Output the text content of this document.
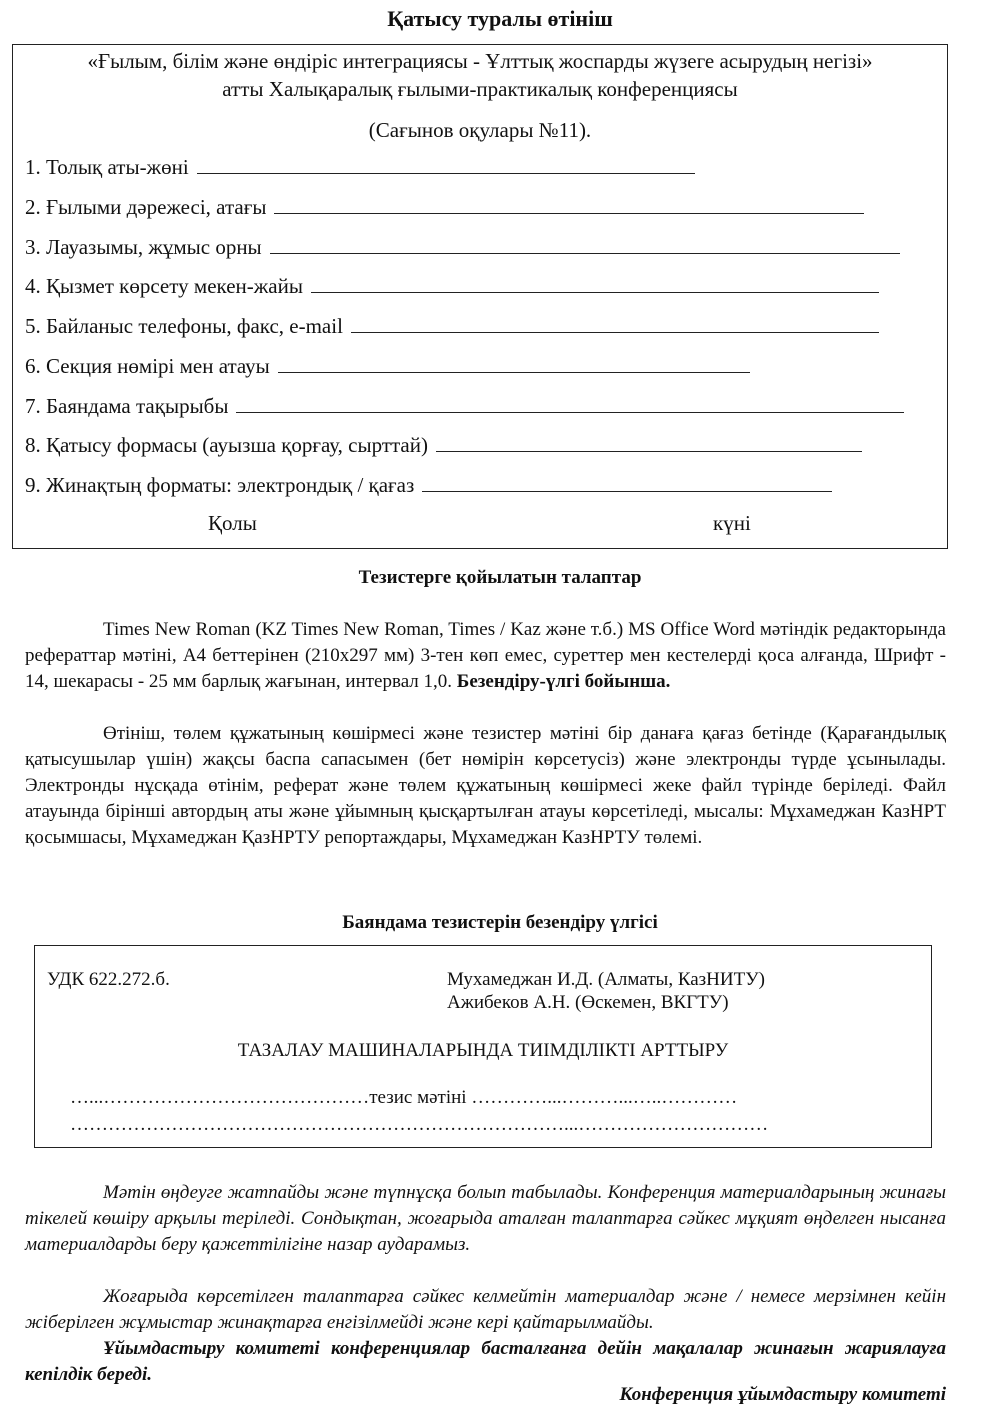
Қатысу туралы өтініш
«Ғылым, білім және өндіріс интеграциясы - Ұлттық жоспарды жүзеге асырудың негізі»
атты Халықаралық ғылыми-практикалық конференциясы
(Сағынов оқулары №11).
1. Толық аты-жөні
2. Ғылыми дәрежесі, атағы
3. Лауазымы, жұмыс орны
4. Қызмет көрсету мекен-жайы
5. Байланыс телефоны, факс, e-mail
6. Секция нөмірі мен атауы
7. Баяндама тақырыбы
8. Қатысу формасы (ауызша қорғау, сырттай)
9. Жинақтың форматы: электрондық / қағаз
Қолы	күні
Тезистерге қойылатын талаптар

Times New Roman (KZ Times New Roman, Times / Kaz және т.б.) MS Office Word мәтіндік редакторында рефераттар мәтіні, А4 беттерінен (210х297 мм) 3-тен көп емес, суреттер мен кестелерді қоса алғанда, Шрифт - 14, шекарасы - 25 мм барлық жағынан, интервал 1,0. Безендіру-үлгі бойынша.

Өтініш, төлем құжатының көшірмесі және тезистер мәтіні бір данаға қағаз бетінде (Қарағандылық қатысушылар үшін) жақсы баспа сапасымен (бет нөмірін көрсетусіз) және электронды түрде ұсынылады. Электронды нұсқада өтінім, реферат және төлем құжатының көшірмесі жеке файл түрінде беріледі. Файл атауында бірінші автордың аты және ұйымның қысқартылған атауы көрсетіледі, мысалы: Мұхамеджан КазНРТ қосымшасы, Мұхамеджан ҚазНРТУ репортаждары, Мұхамеджан КазНРТУ төлемі.

Баяндама тезистерін безендіру үлгісі
УДК 622.272.б.	Мухамеджан И.Д. (Алматы, КазНИТУ)
Ажибеков А.Н. (Өскемен, ВКГТУ)
ТАЗАЛАУ МАШИНАЛАРЫНДА ТИІМДІЛІКТІ АРТТЫРУ
…...……………………………………тезис мәтіні …………...………...…..…………
……………………………………………………………………...…………………………

Мәтін өңдеуге жатпайды және түпнұсқа болып табылады. Конференция материалдарының жинағы тікелей көшіру арқылы теріледі. Сондықтан, жоғарыда аталған талаптарға сәйкес мұқият өңделген нысанға материалдарды беру қажеттілігіне назар аударамыз.

Жоғарыда көрсетілген талаптарға сәйкес келмейтін материалдар және / немесе мерзімнен кейін жіберілген жұмыстар жинақтарға енгізілмейді және кері қайтарылмайды.

Ұйымдастыру комитеті конференциялар басталғанға дейін мақалалар жинағын жариялауға кепілдік береді.

Конференция ұйымдастыру комитеті
